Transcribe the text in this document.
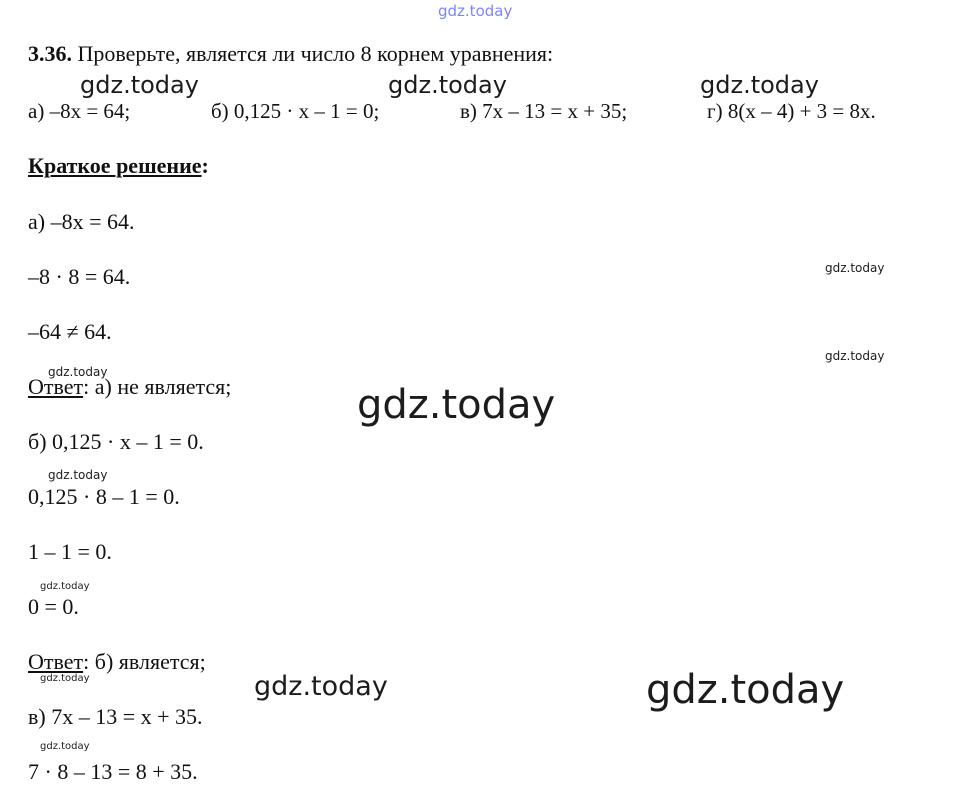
gdz.today
gdz.today	gdz.today	gdz.today
gdz.today
gdz.today
gdz.today
gdz.today
gdz.today
gdz.today
gdz.today	gdz.today
gdz.today
gdz.today
3.36. Проверьте, является ли число 8 корнем уравнения:
а) –8x = 64;	б) 0,125 · x – 1 = 0;	в) 7x – 13 = x + 35;	г) 8(x – 4) + 3 = 8x.
Краткое решение:
а) –8x = 64.
–8 · 8 = 64.
–64 ≠ 64.
Ответ: а) не является;
б) 0,125 · x – 1 = 0.
0,125 · 8 – 1 = 0.
1 – 1 = 0.
0 = 0.
Ответ: б) является;
в) 7x – 13 = x + 35.
7 · 8 – 13 = 8 + 35.
